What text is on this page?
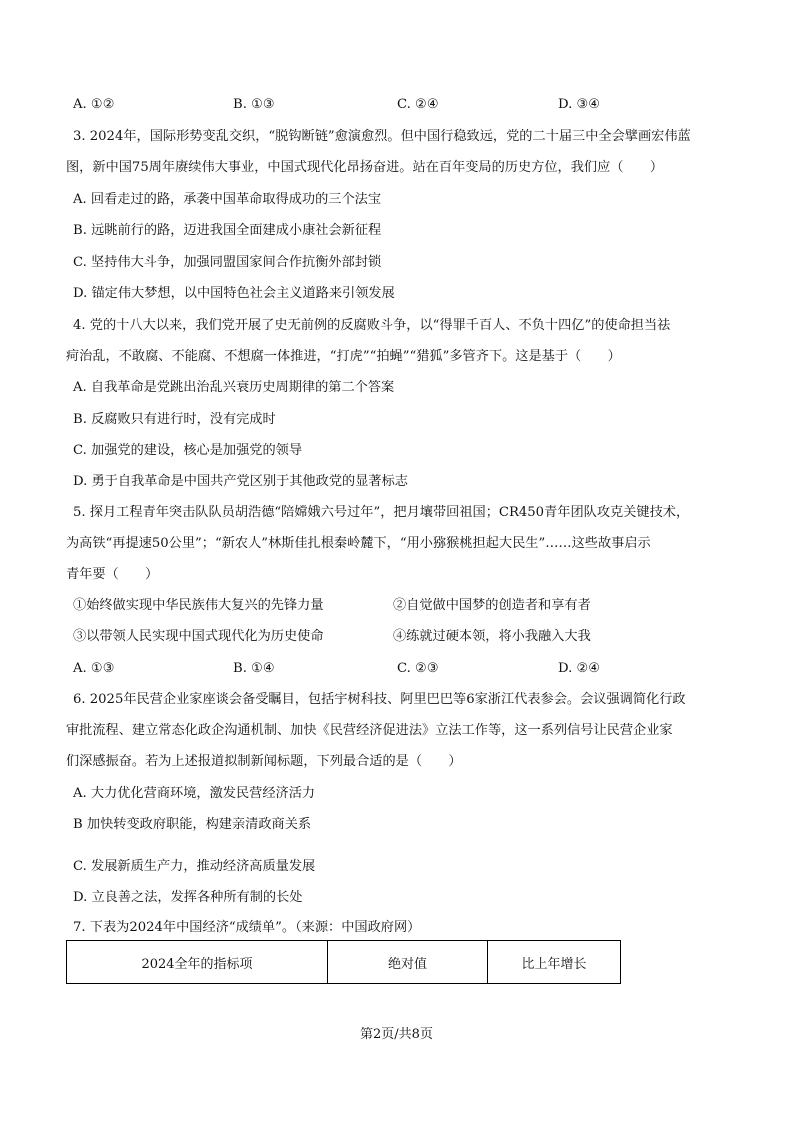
A. ①②	B. ①③	C. ②④	D. ③④
3. 2024年，国际形势变乱交织，“脱钩断链”愈演愈烈。但中国行稳致远，党的二十届三中全会擘画宏伟蓝
图，新中国75周年赓续伟大事业，中国式现代化昂扬奋进。站在百年变局的历史方位，我们应（　　）
A. 回看走过的路，承袭中国革命取得成功的三个法宝
B. 远眺前行的路，迈进我国全面建成小康社会新征程
C. 坚持伟大斗争，加强同盟国家间合作抗衡外部封锁
D. 锚定伟大梦想，以中国特色社会主义道路来引领发展
4. 党的十八大以来，我们党开展了史无前例的反腐败斗争，以“得罪千百人、不负十四亿”的使命担当祛
疴治乱，不敢腐、不能腐、不想腐一体推进，“打虎”“拍蝇”“猎狐”多管齐下。这是基于（　　）
A. 自我革命是党跳出治乱兴衰历史周期律的第二个答案
B. 反腐败只有进行时，没有完成时
C. 加强党的建设，核心是加强党的领导
D. 勇于自我革命是中国共产党区别于其他政党的显著标志
5. 探月工程青年突击队队员胡浩德“陪嫦娥六号过年”，把月壤带回祖国；CR450青年团队攻克关键技术，
为高铁“再提速50公里”；“新农人”林斯佳扎根秦岭麓下，“用小猕猴桃担起大民生”……这些故事启示
青年要（　　）
①始终做实现中华民族伟大复兴的先锋力量	②自觉做中国梦的创造者和享有者
③以带领人民实现中国式现代化为历史使命	④练就过硬本领，将小我融入大我
A. ①③	B. ①④	C. ②③	D. ②④
6. 2025年民营企业家座谈会备受瞩目，包括宇树科技、阿里巴巴等6家浙江代表参会。会议强调简化行政
审批流程、建立常态化政企沟通机制、加快《民营经济促进法》立法工作等，这一系列信号让民营企业家
们深感振奋。若为上述报道拟制新闻标题，下列最合适的是（　　）
A. 大力优化营商环境，激发民营经济活力
B 加快转变政府职能，构建亲清政商关系
C. 发展新质生产力，推动经济高质量发展
D. 立良善之法，发挥各种所有制的长处
7. 下表为2024年中国经济“成绩单”。（来源：中国政府网）
2024全年的指标项	绝对值	比上年增长
第2页/共8页
